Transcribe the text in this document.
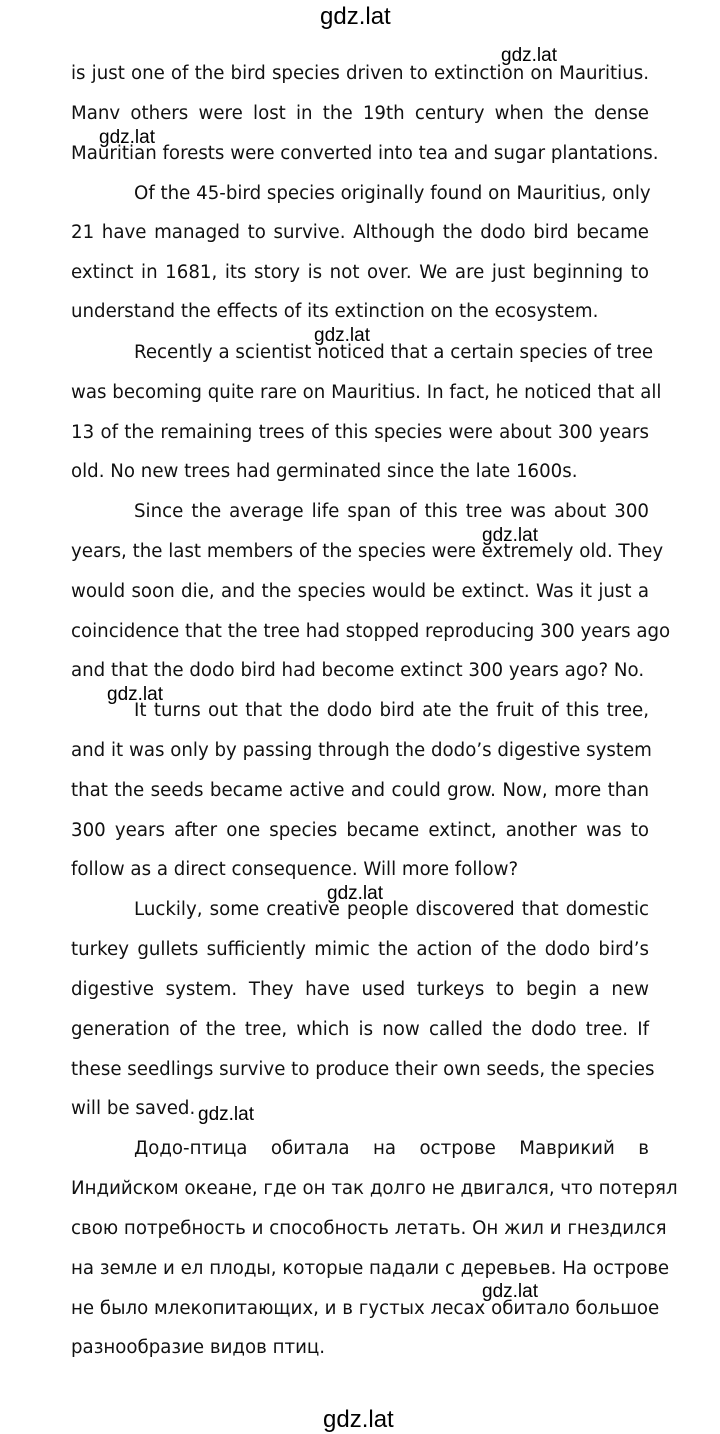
gdz.lat
gdz.lat
gdz.lat
gdz.lat
gdz.lat
gdz.lat
gdz.lat
gdz.lat
gdz.lat
gdz.lat
is just one of the bird species driven to extinction on Mauritius.
Manv others were lost in the 19th century when the dense
Mauritian forests were converted into tea and sugar plantations.
Of the 45-bird species originally found on Mauritius, only
21 have managed to survive. Although the dodo bird became
extinct in 1681, its story is not over. We are just beginning to
understand the effects of its extinction on the ecosystem.
Recently a scientist noticed that a certain species of tree
was becoming quite rare on Mauritius. In fact, he noticed that all
13 of the remaining trees of this species were about 300 years
old. No new trees had germinated since the late 1600s.
Since the average life span of this tree was about 300
years, the last members of the species were extremely old. They
would soon die, and the species would be extinct. Was it just a
coincidence that the tree had stopped reproducing 300 years ago
and that the dodo bird had become extinct 300 years ago? No.
It turns out that the dodo bird ate the fruit of this tree,
and it was only by passing through the dodo’s digestive system
that the seeds became active and could grow. Now, more than
300 years after one species became extinct, another was to
follow as a direct consequence. Will more follow?
Luckily, some creative people discovered that domestic
turkey gullets sufficiently mimic the action of the dodo bird’s
digestive system. They have used turkeys to begin a new
generation of the tree, which is now called the dodo tree. If
these seedlings survive to produce their own seeds, the species
will be saved.
Додо-птица обитала на острове Маврикий в
Индийском океане, где он так долго не двигался, что потерял
свою потребность и способность летать. Он жил и гнездился
на земле и ел плоды, которые падали с деревьев. На острове
не было млекопитающих, и в густых лесах обитало большое
разнообразие видов птиц.
